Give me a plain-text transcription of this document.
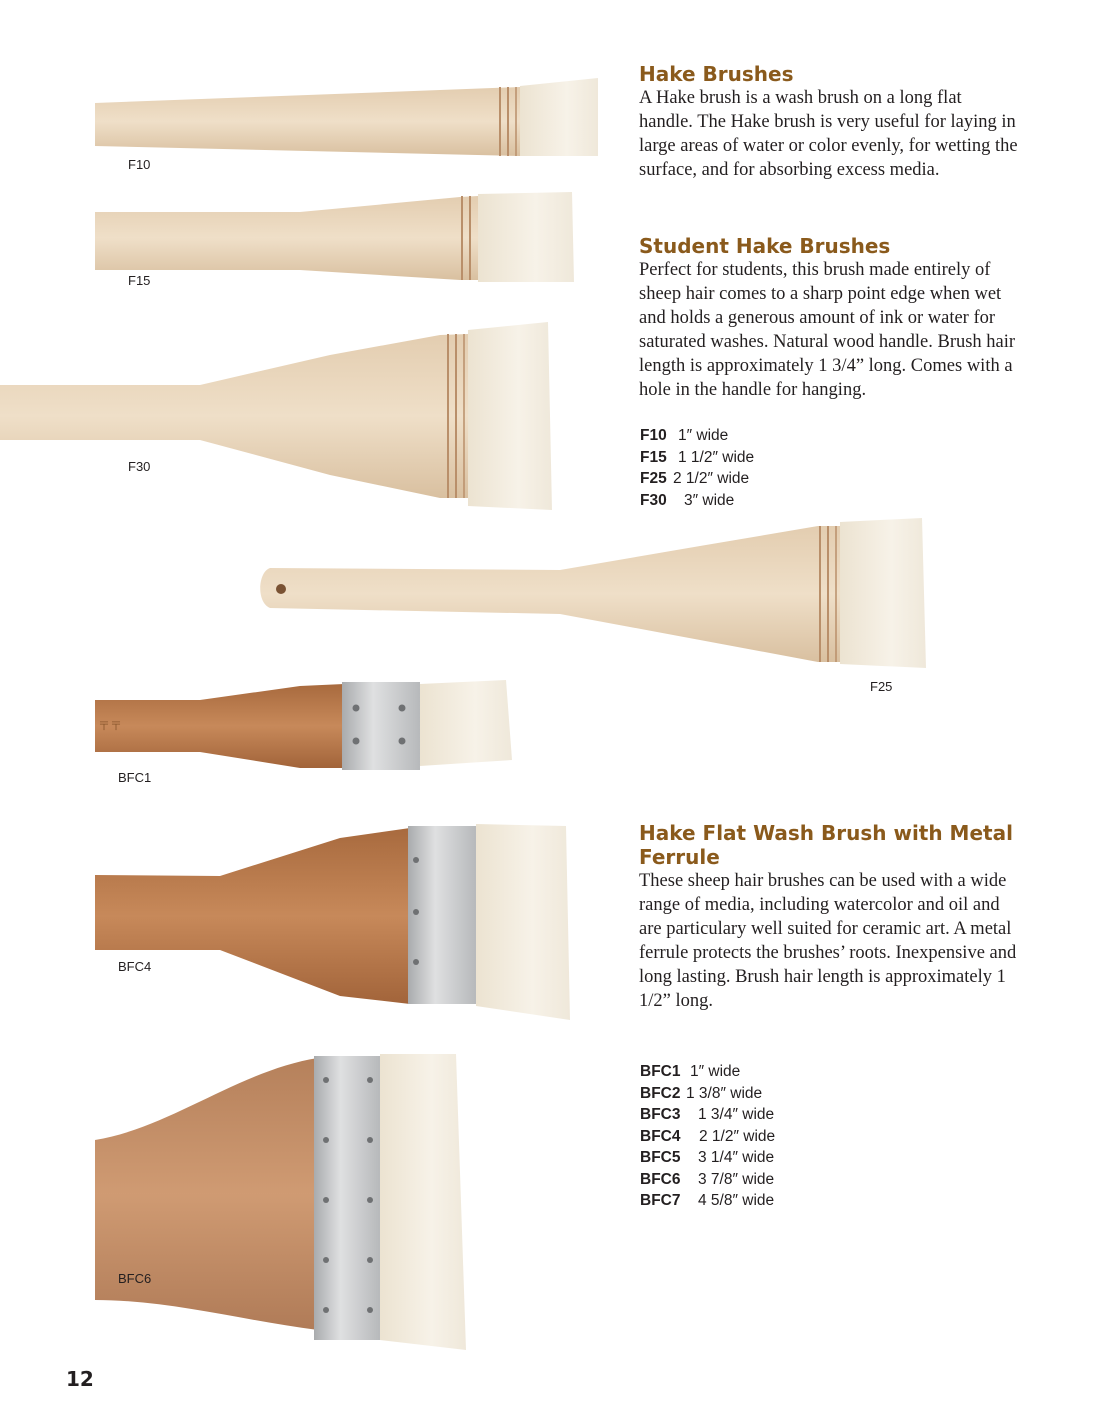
〒〒
F10
F15
F30
F25
BFC1
BFC4
BFC6
Hake Brushes
A Hake brush is a wash brush on a long flat
handle. The Hake brush is very useful for laying in
large areas of water or color evenly, for wetting the
surface, and for absorbing excess media.
Student Hake Brushes
Perfect for students, this brush made entirely of
sheep hair comes to a sharp point edge when wet
and holds a generous amount of ink or water for
saturated washes. Natural wood handle. Brush hair
length is approximately 1 3/4” long. Comes with a
hole in the handle for hanging.
F10 1″ wide
F15 1 1/2″ wide
F25 2 1/2″ wide
F30 3″ wide
Hake Flat Wash Brush with Metal
Ferrule
These sheep hair brushes can be used with a wide
range of media, including watercolor and oil and
are particulary well suited for ceramic art. A metal
ferrule protects the brushes’ roots. Inexpensive and
long lasting. Brush hair length is approximately 1
1/2” long.
BFC1 1″ wide
BFC2 1 3/8″ wide
BFC3 1 3/4″ wide
BFC4 2 1/2″ wide
BFC5 3 1/4″ wide
BFC6 3 7/8″ wide
BFC7 4 5/8″ wide
12
